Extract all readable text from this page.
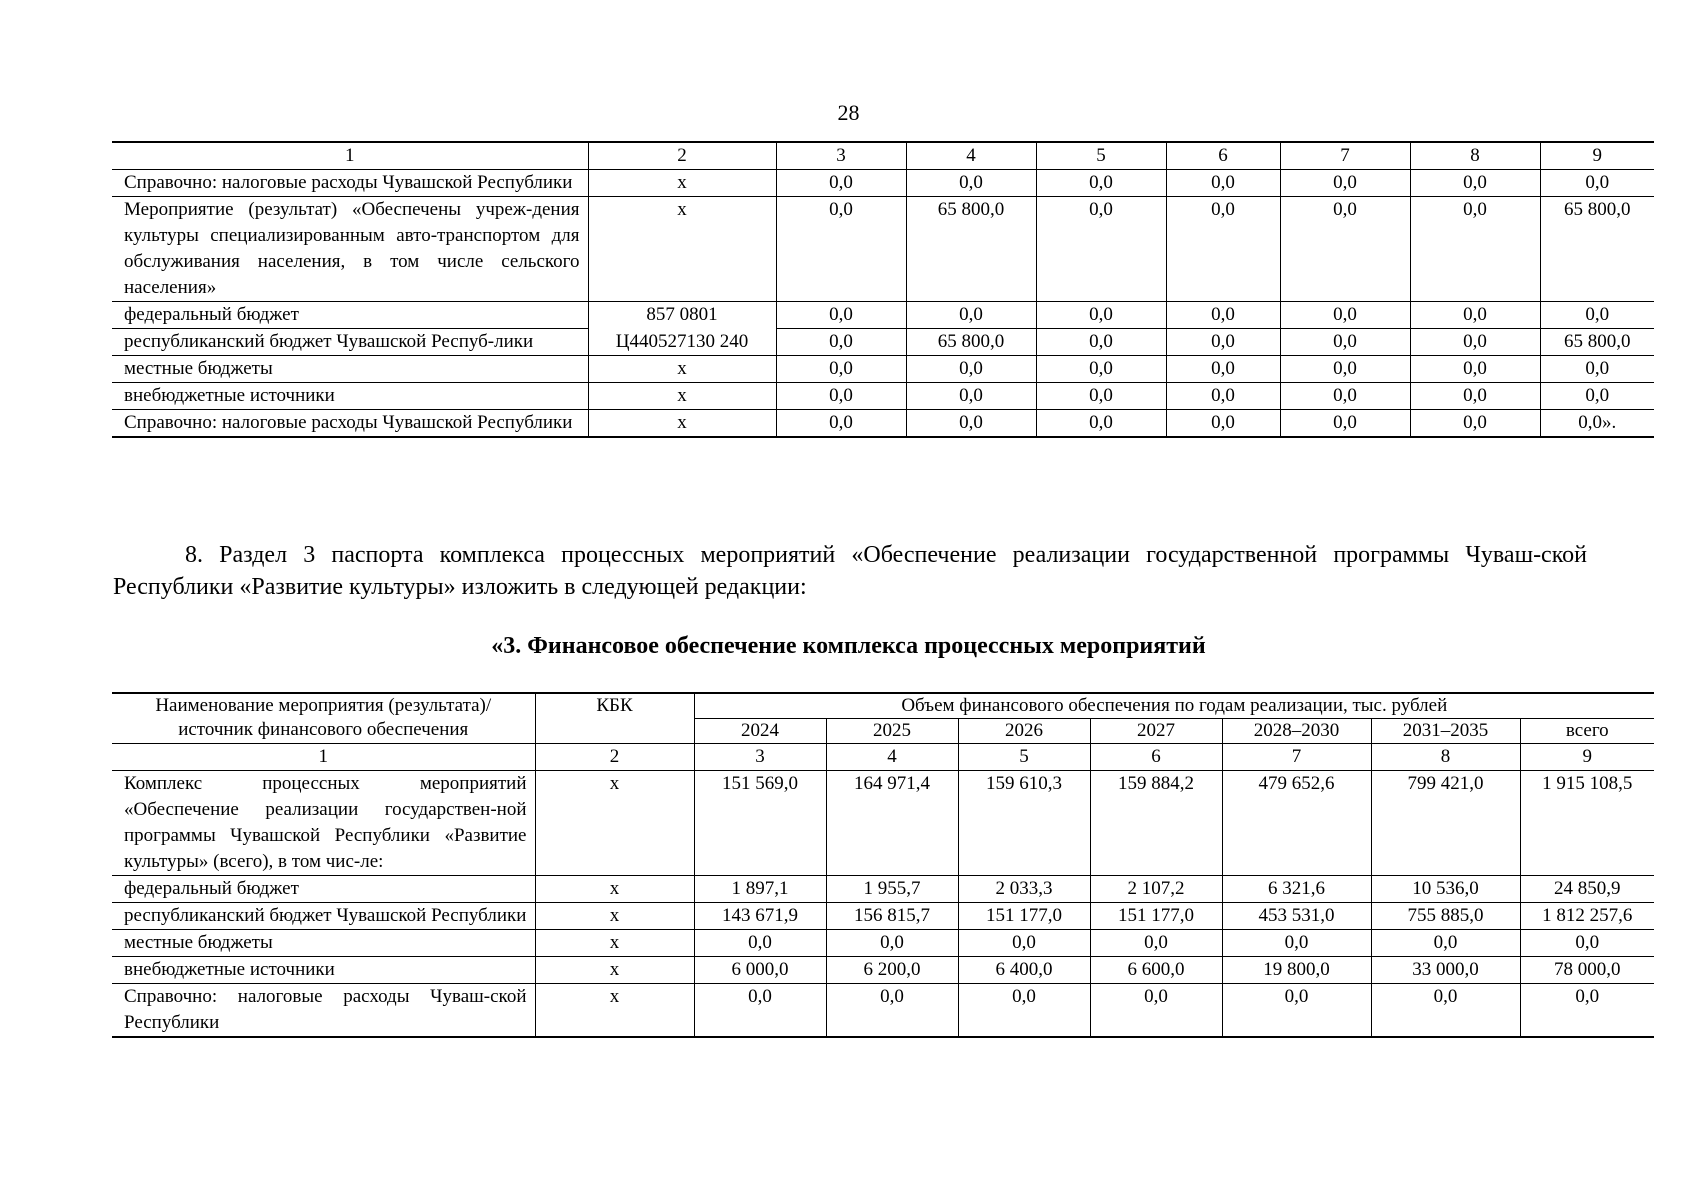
28
1	2	3	4	5	6	7	8	9
Справочно: налоговые расходы Чувашской Республики	х	0,0	0,0	0,0	0,0	0,0	0,0	0,0
Мероприятие (результат) «Обеспечены учреж-дения культуры специализированным авто-транспортом для обслуживания населения, в том числе сельского населения»	х	0,0	65 800,0	0,0	0,0	0,0	0,0	65 800,0
федеральный бюджет	857 0801	0,0	0,0	0,0	0,0	0,0	0,0	0,0
республиканский бюджет Чувашской Респуб-лики	Ц440527130 240	0,0	65 800,0	0,0	0,0	0,0	0,0	65 800,0
местные бюджеты	х	0,0	0,0	0,0	0,0	0,0	0,0	0,0
внебюджетные источники	х	0,0	0,0	0,0	0,0	0,0	0,0	0,0
Справочно: налоговые расходы Чувашской Республики	х	0,0	0,0	0,0	0,0	0,0	0,0	0,0».
8. Раздел 3 паспорта комплекса процессных мероприятий «Обеспечение реализации государственной программы Чуваш-ской Республики «Развитие культуры» изложить в следующей редакции:
«3. Финансовое обеспечение комплекса процессных мероприятий
Наименование мероприятия (результата)/ источник финансового обеспечения	КБК	Объем финансового обеспечения по годам реализации, тыс. рублей						
		2024	2025	2026	2027	2028–2030	2031–2035	всего
1	2	3	4	5	6	7	8	9
Комплекс процессных мероприятий «Обеспечение реализации государствен-ной программы Чувашской Республики «Развитие культуры» (всего), в том чис-ле:	х	151 569,0	164 971,4	159 610,3	159 884,2	479 652,6	799 421,0	1 915 108,5
федеральный бюджет	х	1 897,1	1 955,7	2 033,3	2 107,2	6 321,6	10 536,0	24 850,9
республиканский бюджет Чувашской Республики	х	143 671,9	156 815,7	151 177,0	151 177,0	453 531,0	755 885,0	1 812 257,6
местные бюджеты	х	0,0	0,0	0,0	0,0	0,0	0,0	0,0
внебюджетные источники	х	6 000,0	6 200,0	6 400,0	6 600,0	19 800,0	33 000,0	78 000,0
Справочно: налоговые расходы Чуваш-ской Республики	х	0,0	0,0	0,0	0,0	0,0	0,0	0,0
